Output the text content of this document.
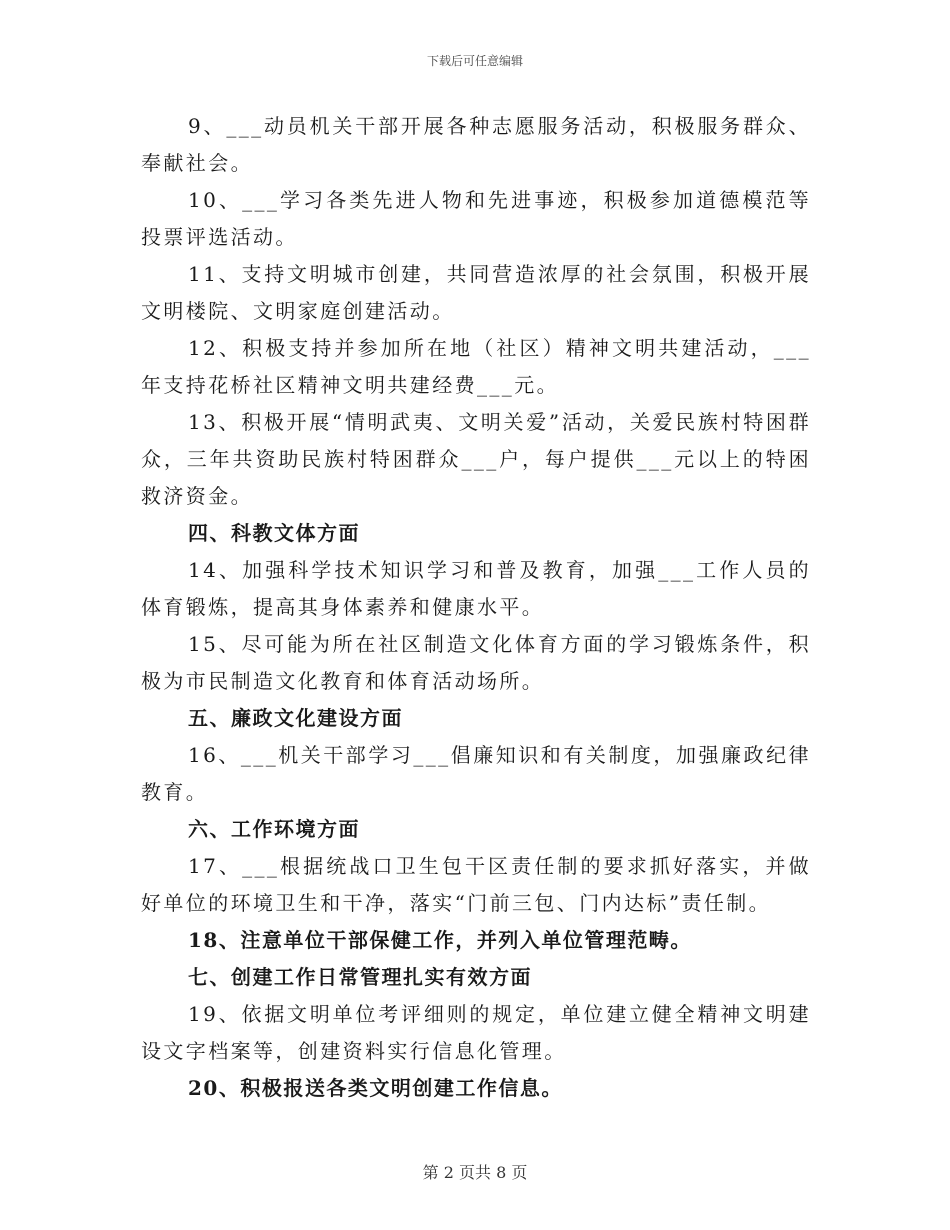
下载后可任意编辑

9、___动员机关干部开展各种志愿服务活动，积极服务群众、奉献社会。

10、___学习各类先进人物和先进事迹，积极参加道德模范等投票评选活动。

11、支持文明城市创建，共同营造浓厚的社会氛围，积极开展文明楼院、文明家庭创建活动。

12、积极支持并参加所在地（社区）精神文明共建活动，___年支持花桥社区精神文明共建经费___元。

13、积极开展“情明武夷、文明关爱”活动，关爱民族村特困群众，三年共资助民族村特困群众___户，每户提供___元以上的特困救济资金。

四、科教文体方面

14、加强科学技术知识学习和普及教育，加强___工作人员的体育锻炼，提高其身体素养和健康水平。

15、尽可能为所在社区制造文化体育方面的学习锻炼条件，积极为市民制造文化教育和体育活动场所。

五、廉政文化建设方面

16、___机关干部学习___倡廉知识和有关制度，加强廉政纪律教育。

六、工作环境方面

17、___根据统战口卫生包干区责任制的要求抓好落实，并做好单位的环境卫生和干净，落实“门前三包、门内达标”责任制。

18、注意单位干部保健工作，并列入单位管理范畴。

七、创建工作日常管理扎实有效方面

19、依据文明单位考评细则的规定，单位建立健全精神文明建设文字档案等，创建资料实行信息化管理。

20、积极报送各类文明创建工作信息。

第 2 页共 8 页
